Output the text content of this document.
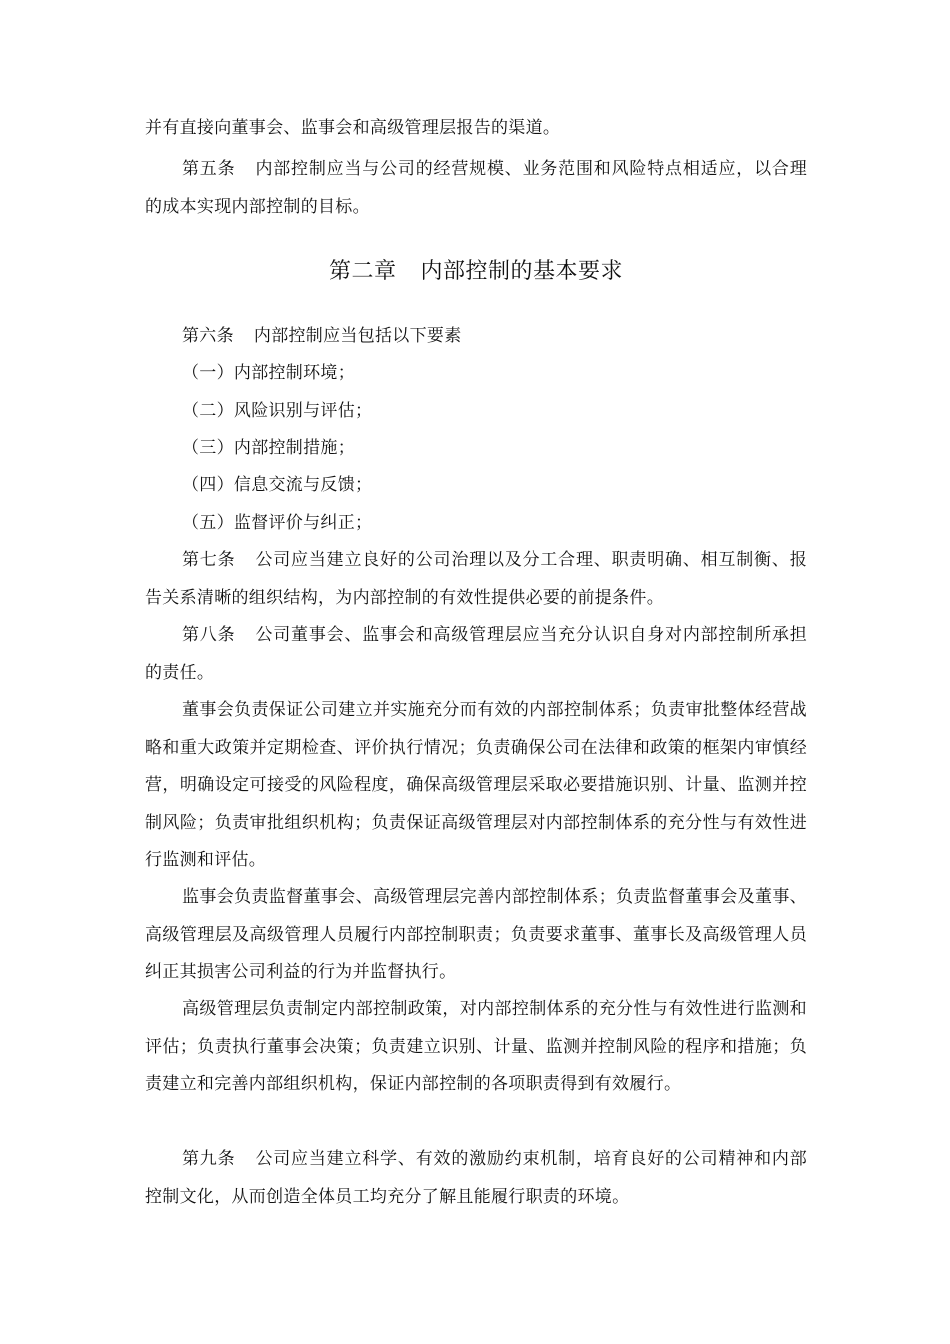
并有直接向董事会、监事会和高级管理层报告的渠道。
第五条 内部控制应当与公司的经营规模、业务范围和风险特点相适应，以合理的成本实现内部控制的目标。
第二章 内部控制的基本要求
第六条 内部控制应当包括以下要素
（一）内部控制环境；
（二）风险识别与评估；
（三）内部控制措施；
（四）信息交流与反馈；
（五）监督评价与纠正；
第七条 公司应当建立良好的公司治理以及分工合理、职责明确、相互制衡、报告关系清晰的组织结构，为内部控制的有效性提供必要的前提条件。
第八条 公司董事会、监事会和高级管理层应当充分认识自身对内部控制所承担的责任。
董事会负责保证公司建立并实施充分而有效的内部控制体系；负责审批整体经营战略和重大政策并定期检查、评价执行情况；负责确保公司在法律和政策的框架内审慎经营，明确设定可接受的风险程度，确保高级管理层采取必要措施识别、计量、监测并控制风险；负责审批组织机构；负责保证高级管理层对内部控制体系的充分性与有效性进行监测和评估。
监事会负责监督董事会、高级管理层完善内部控制体系；负责监督董事会及董事、高级管理层及高级管理人员履行内部控制职责；负责要求董事、董事长及高级管理人员纠正其损害公司利益的行为并监督执行。
高级管理层负责制定内部控制政策，对内部控制体系的充分性与有效性进行监测和评估；负责执行董事会决策；负责建立识别、计量、监测并控制风险的程序和措施；负责建立和完善内部组织机构，保证内部控制的各项职责得到有效履行。
第九条 公司应当建立科学、有效的激励约束机制，培育良好的公司精神和内部控制文化，从而创造全体员工均充分了解且能履行职责的环境。
